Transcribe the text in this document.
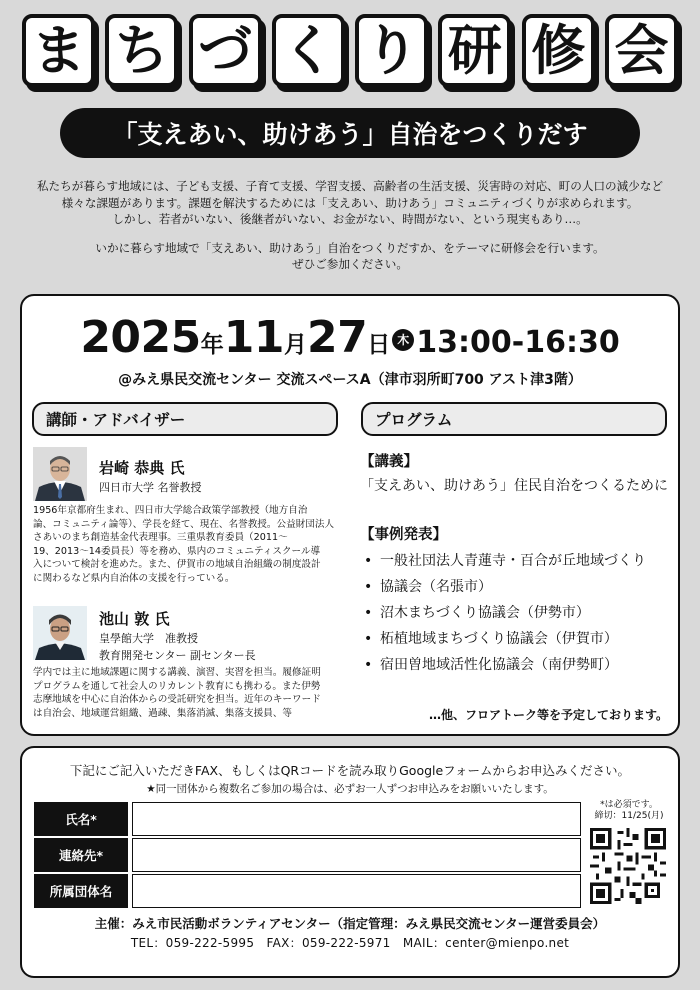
ま ち づ く り 研 修 会
「支えあい、助けあう」自治をつくりだす

私たちが暮らす地域には、子ども支援、子育て支援、学習支援、高齢者の生活支援、災害時の対応、町の人口の減少など

様々な課題があります。課題を解決するためには「支えあい、助けあう」コミュニティづくりが求められます。

しかし、若者がいない、後継者がいない、お金がない、時間がない、という現実もあり…。

いかに暮らす地域で「支えあい、助けあう」自治をつくりだすか、をテーマに研修会を行います。

ぜひご参加ください。

2025年11月27日 木 13:00-16:30
@みえ県民交流センター 交流スペースA（津市羽所町700 アスト津3階）
講師・アドバイザー	プログラム
岩崎 恭典 氏

四日市大学 名誉教授

1956年京都府生まれ、四日市大学総合政策学部教授（地方自治

論、コミュニティ論等）、学長を経て、現在、名誉教授。公益財団法人

さあいのまち創造基金代表理事。三重県教育委員（2011～

19、2013～14委員長）等を務め、県内のコミュニティスクール導

入について検討を進めた。また、伊賀市の地域自治組織の制度設計

に関わるなど県内自治体の支援を行っている。

池山 敦 氏

皇學館大学　准教授

教育開発センター 副センター長

学内では主に地域課題に関する講義、演習、実習を担当。履修証明

プログラムを通して社会人のリカレント教育にも携わる。また伊勢

志摩地域を中心に自治体からの受託研究を担当。近年のキーワード

は自治会、地域運営組織、過疎、集落消滅、集落支援員、等

【講義】
「支えあい、助けあう」住民自治をつくるために
【事例発表】
• 一般社団法人青蓮寺・百合が丘地域づくり
• 協議会（名張市）
• 沼木まちづくり協議会（伊勢市）
• 柘植地域まちづくり協議会（伊賀市）
• 宿田曽地域活性化協議会（南伊勢町）
…他、フロアトーク等を予定しております。
下記にご記入いただきFAX、もしくはQRコードを読み取りGoogleフォームからお申込みください。
★同一団体から複数名ご参加の場合は、必ずお一人ずつお申込みをお願いいたします。
氏名*
連絡先*
所属団体名

*は必須です。

締切：11/25(月)

主催：みえ市民活動ボランティアセンター（指定管理：みえ県民交流センター運営委員会）
TEL：059-222-5995　FAX：059-222-5971　MAIL：center@mienpo.net
